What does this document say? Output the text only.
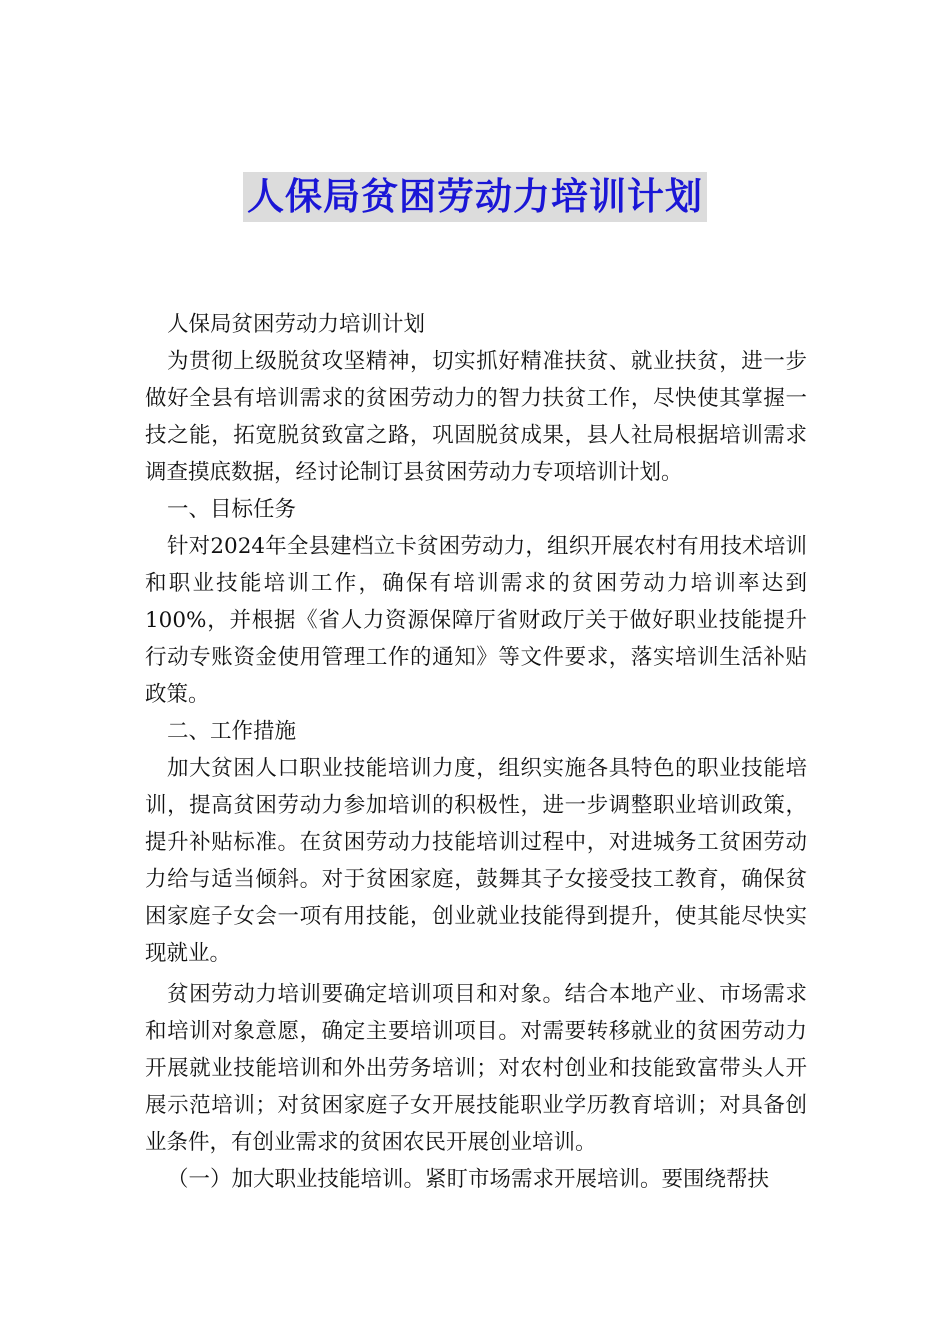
人保局贫困劳动力培训计划

人保局贫困劳动力培训计划

为贯彻上级脱贫攻坚精神，切实抓好精准扶贫、就业扶贫，进一步做好全县有培训需求的贫困劳动力的智力扶贫工作，尽快使其掌握一技之能，拓宽脱贫致富之路，巩固脱贫成果，县人社局根据培训需求调查摸底数据，经讨论制订县贫困劳动力专项培训计划。

一、目标任务

针对2024年全县建档立卡贫困劳动力，组织开展农村有用技术培训和职业技能培训工作，确保有培训需求的贫困劳动力培训率达到100%，并根据《省人力资源保障厅省财政厅关于做好职业技能提升行动专账资金使用管理工作的通知》等文件要求，落实培训生活补贴政策。

二、工作措施

加大贫困人口职业技能培训力度，组织实施各具特色的职业技能培训，提高贫困劳动力参加培训的积极性，进一步调整职业培训政策，提升补贴标准。在贫困劳动力技能培训过程中，对进城务工贫困劳动力给与适当倾斜。对于贫困家庭，鼓舞其子女接受技工教育，确保贫困家庭子女会一项有用技能，创业就业技能得到提升，使其能尽快实现就业。

贫困劳动力培训要确定培训项目和对象。结合本地产业、市场需求和培训对象意愿，确定主要培训项目。对需要转移就业的贫困劳动力开展就业技能培训和外出劳务培训；对农村创业和技能致富带头人开展示范培训；对贫困家庭子女开展技能职业学历教育培训；对具备创业条件，有创业需求的贫困农民开展创业培训。

（一）加大职业技能培训。紧盯市场需求开展培训。要围绕帮扶
